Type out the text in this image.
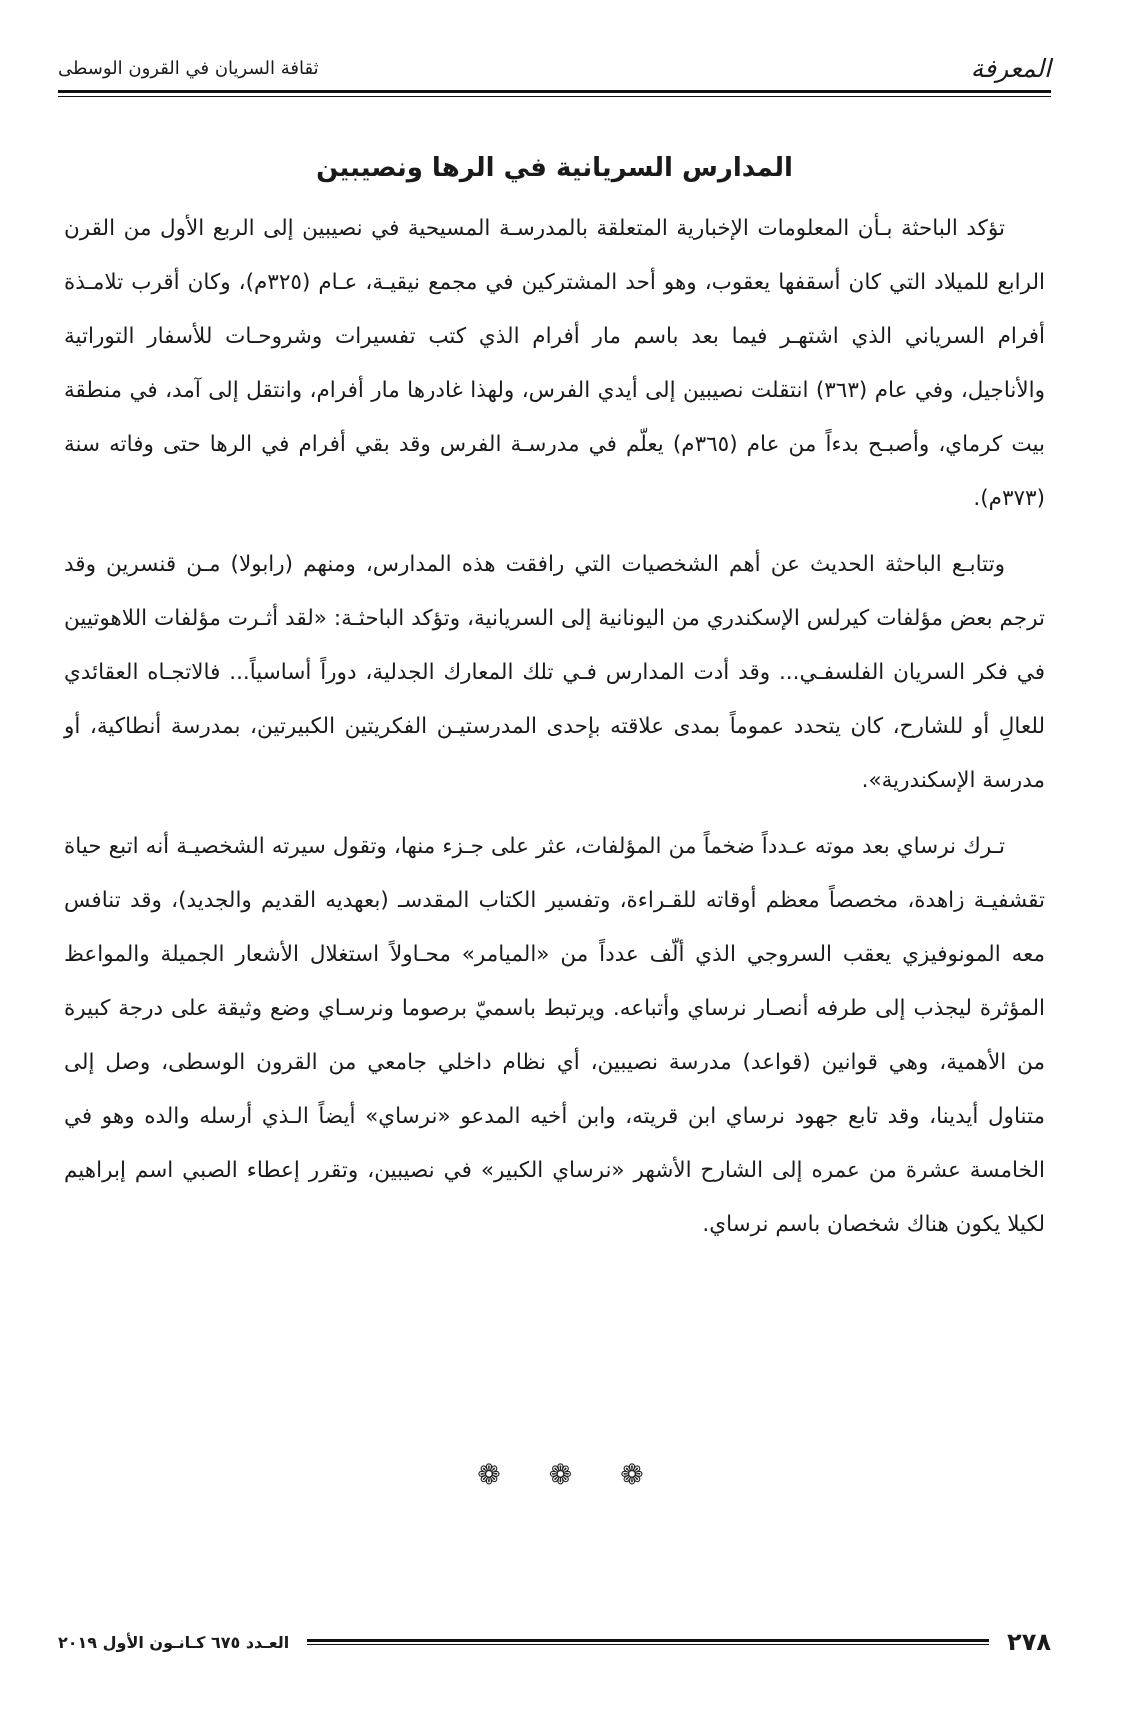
ثقافة السريان في القرون الوسطى	المعرفة
المدارس السريانية في الرها ونصيبين

تؤكد الباحثة بـأن المعلومات الإخبارية المتعلقة بالمدرسـة المسيحية في نصيبين إلى الربع الأول من القرن الرابع للميلاد التي كان أسقفها يعقوب، وهو أحد المشتركين في مجمع نيقيـة، عـام (٣٢٥م)، وكان أقرب تلامـذة أفرام السرياني الذي اشتهـر فيما بعد باسم مار أفرام الذي كتب تفسيرات وشروحـات للأسفار التوراتية والأناجيل، وفي عام (٣٦٣) انتقلت نصيبين إلى أيدي الفرس، ولهذا غادرها مار أفرام، وانتقل إلى آمد، في منطقة بيت كرماي، وأصبـح بدءاً من عام (٣٦٥م) يعلّم في مدرسـة الفرس وقد بقي أفرام في الرها حتى وفاته سنة (٣٧٣م).

وتتابـع الباحثة الحديث عن أهم الشخصيات التي رافقت هذه المدارس، ومنهم (رابولا) مـن قنسرين وقد ترجم بعض مؤلفات كيرلس الإسكندري من اليونانية إلى السريانية، وتؤكد الباحثـة: «لقد أثـرت مؤلفات اللاهوتيين في فكر السريان الفلسفـي... وقد أدت المدارس فـي تلك المعارك الجدلية، دوراً أساسياً... فالاتجـاه العقائدي للعالِ أو للشارح، كان يتحدد عموماً بمدى علاقته بإحدى المدرستيـن الفكريتين الكبيرتين، بمدرسة أنطاكية، أو مدرسة الإسكندرية».

تـرك نرساي بعد موته عـدداً ضخماً من المؤلفات، عثر على جـزء منها، وتقول سيرته الشخصيـة أنه اتبع حياة تقشفيـة زاهدة، مخصصاً معظم أوقاته للقـراءة، وتفسير الكتاب المقدسـ (بعهديه القديم والجديد)، وقد تنافس معه المونوفيزي يعقب السروجي الذي ألّف عدداً من «الميامر» محـاولاً استغلال الأشعار الجميلة والمواعظ المؤثرة ليجذب إلى طرفه أنصـار نرساي وأتباعه. ويرتبط باسميّ برصوما ونرسـاي وضع وثيقة على درجة كبيرة من الأهمية، وهي قوانين (قواعد) مدرسة نصيبين، أي نظام داخلي جامعي من القرون الوسطى، وصل إلى متناول أيدينا، وقد تابع جهود نرساي ابن قريته، وابن أخيه المدعو «نرساي» أيضاً الـذي أرسله والده وهو في الخامسة عشرة من عمره إلى الشارح الأشهر «نرساي الكبير» في نصيبين، وتقرر إعطاء الصبي اسم إبراهيم لكيلا يكون هناك شخصان باسم نرساي.

❁ ❁ ❁
العـدد ٦٧٥ كـانـون الأول ٢٠١٩	٢٧٨
